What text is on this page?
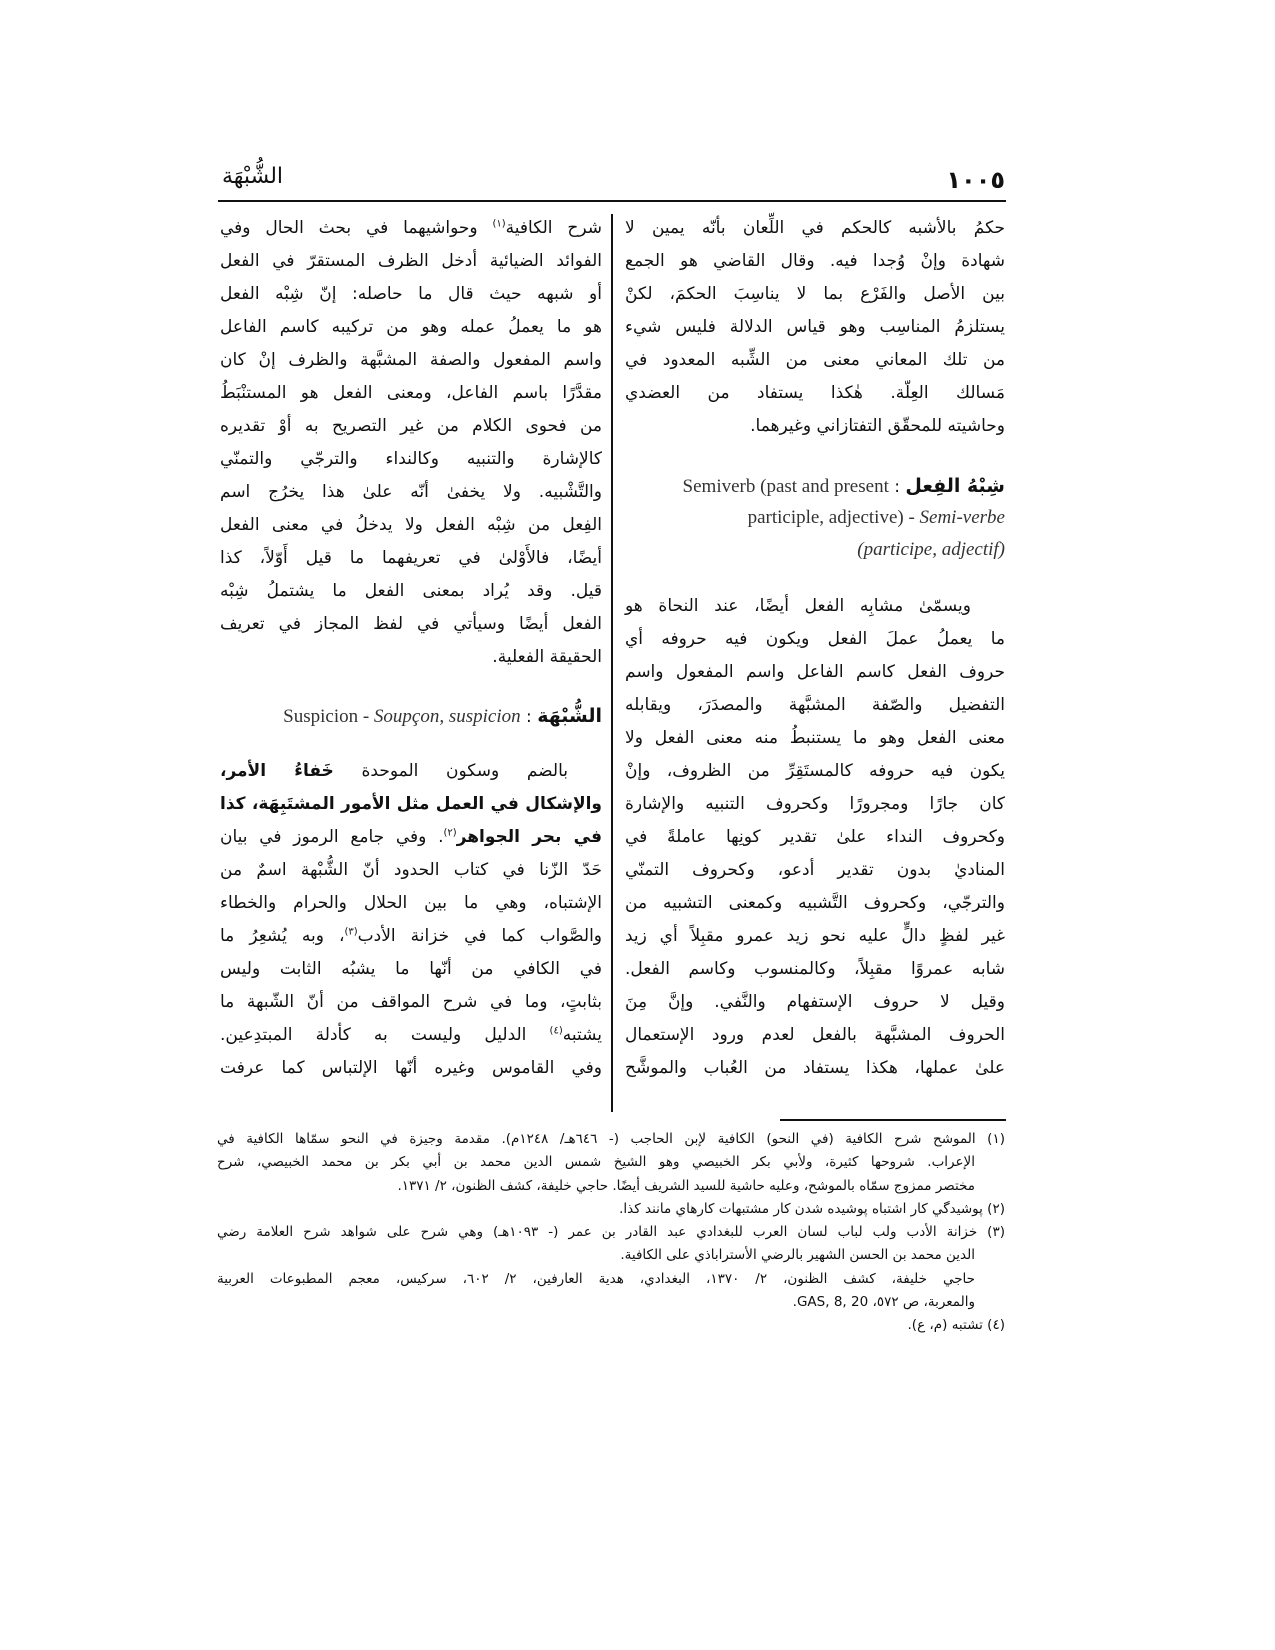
١٠٠٥
الشُّبْهَة
حكمُ بالأشبه كالحكم في اللِّعان بأنّه يمين لا
شهادة وإنْ وُجدا فيه. وقال القاضي هو الجمع
بين الأصل والفَرْع بما لا يناسِبَ الحكمَ، لكنْ
يستلزمُ المناسِب وهو قياس الدلالة فليس شيء
من تلك المعاني معنى من الشِّبه المعدود في
مَسالك العِلّة. هٰكذا يستفاد من العضدي
وحاشيته للمحقّق التفتازاني وغيرهما.
Semiverb (past and present : شِبْهُ الفِعل
participle, adjective) - Semi-verbe
(participe, adjectif)
ويسمّىٰ مشابِه الفعل أيضًا، عند النحاة هو
ما يعملُ عملَ الفعل ويكون فيه حروفه أي
حروف الفعل كاسم الفاعل واسم المفعول واسم
التفضيل والصّفة المشبَّهة والمصدَرَ، ويقابله
معنى الفعل وهو ما يستنبطُ منه معنى الفعل ولا
يكون فيه حروفه كالمستَقِرِّ من الظروف، وإنْ
كان جارًا ومجرورًا وكحروف التنبيه والإشارة
وكحروف النداء علىٰ تقدير كونِها عاملةً في
المناديٰ بدون تقدير أدعو، وكحروف التمنّي
والترجّي، وكحروف التَّشبيه وكمعنى التشبيه من
غير لفظٍ دالٍّ عليه نحو زيد عمرو مقبِلاً أي زيد
شابه عمروًا مقبِلاً، وكالمنسوب وكاسم الفعل.
وقيل لا حروف الإستفهام والنَّفي. وإنَّ مِنَ
الحروف المشبَّهة بالفعل لعدم ورود الإستعمال
علىٰ عملها، هكذا يستفاد من العُباب والموشَّح
شرح الكافية$^{(١)}$ وحواشيهما في بحث الحال وفي
الفوائد الضيائية أدخل الظرف المستقرّ في الفعل
أو شبهه حيث قال ما حاصله: إنّ شِبْه الفعل
هو ما يعملُ عمله وهو من تركيبه كاسم الفاعل
واسم المفعول والصفة المشبَّهة والظرف إنْ كان
مقدَّرًا باسم الفاعل، ومعنى الفعل هو المستنْبَطُ
من فحوى الكلام من غير التصريح به أوْ تقديره
كالإشارة والتنبيه وكالنداء والترجّي والتمنّي
والتَّشْبيه. ولا يخفىٰ أنّه علىٰ هذا يخرُج اسم
الفِعل من شِبْه الفعل ولا يدخلُ في معنى الفعل
أيضًا، فالأَوْلىٰ في تعريفهما ما قيل أَوّلاً، كذا
قيل. وقد يُراد بمعنى الفعل ما يشتملُ شِبْه
الفعل أيضًا وسيأتي في لفظ المجاز في تعريف
الحقيقة الفعلية.
Suspicion - Soupçon, suspicion : الشُّبْهَة
بالضم وسكون الموحدة خَفاءُ الأمر،
والإشكال في العمل مثل الأمور المشتَبِهَة، كذا
في بحر الجواهر$^{(٢)}$. وفي جامع الرموز في بيان
حَدّ الزّنا في كتاب الحدود أنّ الشُّبْهة اسمٌ من
الإشتباه، وهي ما بين الحلال والحرام والخطاء
والصَّواب كما في خزانة الأدب$^{(٣)}$، وبه يُشعِرُ ما
في الكافي من أنّها ما يشبُه الثابت وليس
بثابتٍ، وما في شرح المواقف من أنّ الشّبهة ما
يشتبه$^{(٤)}$ الدليل وليست به كأدلة المبتدِعين.
وفي القاموس وغيره أنّها الإلتباس كما عرفت
(١) الموشح شرح الكافية (في النحو) الكافية لإبن الحاجب (- ٦٤٦هـ/ ١٢٤٨م). مقدمة وجيزة في النحو سمّاها الكافية في
الإعراب. شروحها كثيرة، ولأبي بكر الخبيصي وهو الشيخ شمس الدين محمد بن أبي بكر بن محمد الخبيصي، شرح
مختصر ممزوج سمّاه بالموشح، وعليه حاشية للسيد الشريف أيضًا. حاجي خليفة، كشف الظنون، ٢/ ١٣٧١.
(٢) پوشيدگي كار اشتباه پوشيده شدن كار مشتبهات كارهاي مانند كذا.
(٣) خزانة الأدب ولب لباب لسان العرب للبغدادي عبد القادر بن عمر (- ١٠٩٣هـ) وهي شرح على شواهد شرح العلامة رضي
الدين محمد بن الحسن الشهير بالرضي الأستراباذي على الكافية.
حاجي خليفة، كشف الظنون، ٢/ ١٣٧٠، البغدادي، هدية العارفين، ٢/ ٦٠٢، سركيس، معجم المطبوعات العربية
والمعربة، ص ٥٧٢، GAS, 8, 20.
(٤) تشتبه (م، ع).
